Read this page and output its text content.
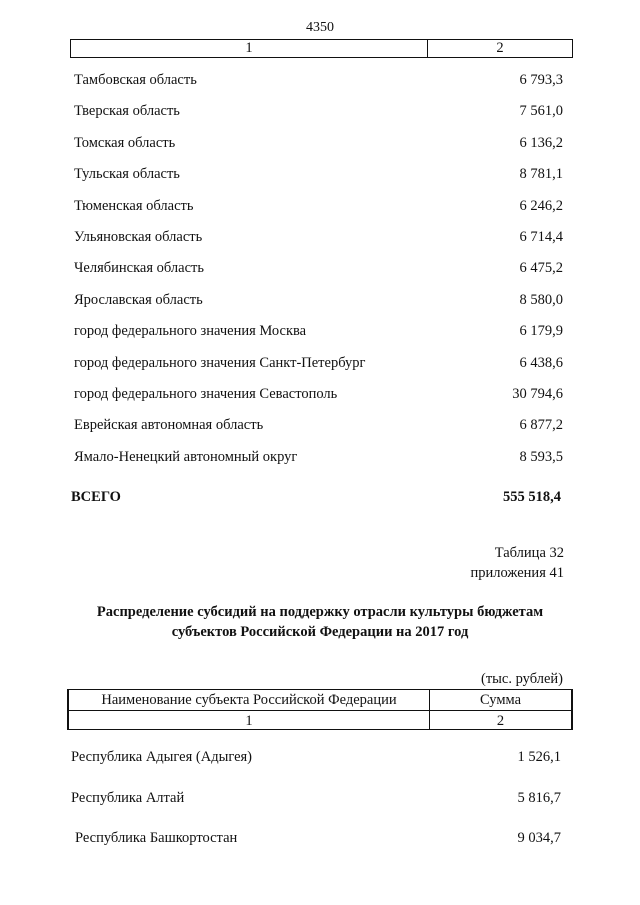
4350
1	2
Тамбовская область	6 793,3
Тверская область	7 561,0
Томская область	6 136,2
Тульская область	8 781,1
Тюменская область	6 246,2
Ульяновская область	6 714,4
Челябинская область	6 475,2
Ярославская область	8 580,0
город федерального значения Москва	6 179,9
город федерального значения Санкт-Петербург	6 438,6
город федерального значения Севастополь	30 794,6
Еврейская автономная область	6 877,2
Ямало-Ненецкий автономный округ	8 593,5
ВСЕГО	555 518,4
Таблица 32
приложения 41
Распределение субсидий на поддержку отрасли культуры бюджетам
субъектов Российской Федерации на 2017 год
(тыс. рублей)
Наименование субъекта Российской Федерации	Сумма
1	2
Республика Адыгея (Адыгея)	1 526,1
Республика Алтай	5 816,7
Республика Башкортостан	9 034,7
